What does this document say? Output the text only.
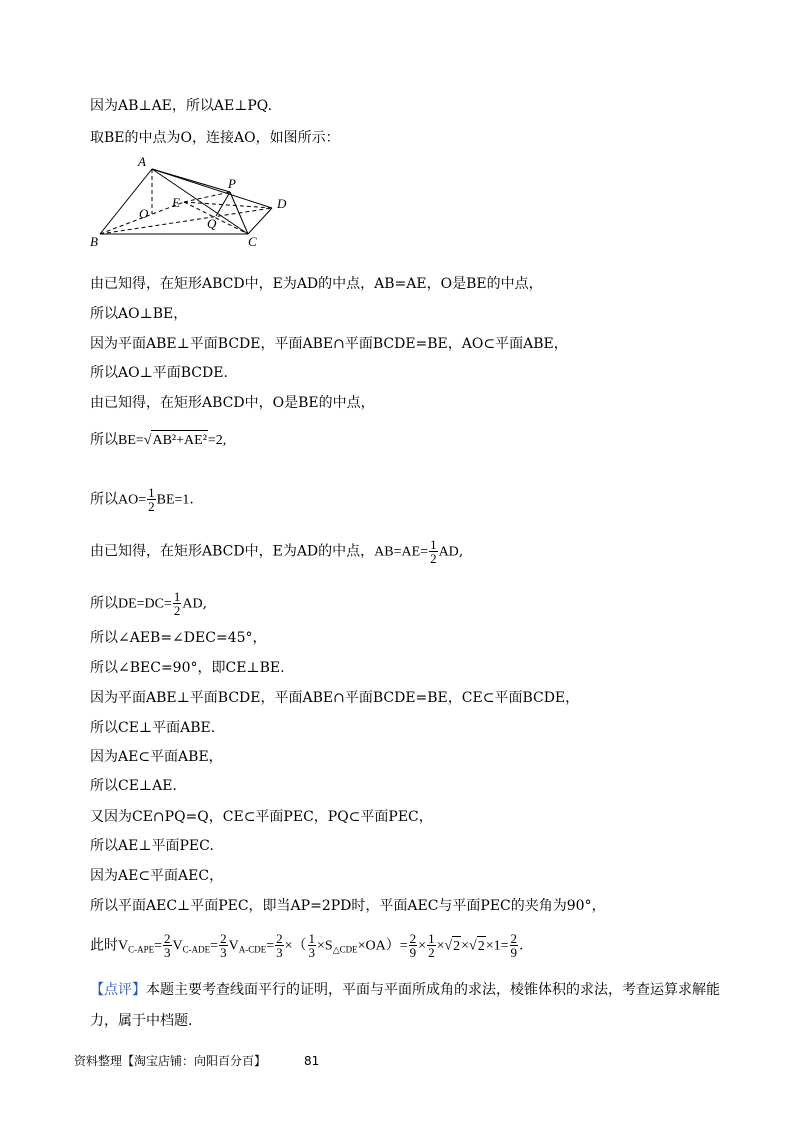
因为AB⊥AE，所以AE⊥PQ.
取BE的中点为O，连接AO，如图所示：
A
P
D
E
O
Q
B	C
由已知得，在矩形ABCD中，E为AD的中点，AB=AE，O是BE的中点，
所以AO⊥BE，
因为平面ABE⊥平面BCDE，平面ABE∩平面BCDE=BE，AO⊂平面ABE，
所以AO⊥平面BCDE.
由已知得，在矩形ABCD中，O是BE的中点，
所以BE=√AB²+AE²=2,
所以$AO= \frac{1}{2} BE=1$.
由已知得，在矩形ABCD中，E为AD的中点，$AB=AE= \frac{1}{2}$ AD,
所以$DE=DC= \frac{1}{2}$ AD,
所以∠AEB=∠DEC=45°，
所以∠BEC=90°，即CE⊥BE.
因为平面ABE⊥平面BCDE，平面ABE∩平面BCDE=BE，CE⊂平面BCDE，
所以CE⊥平面ABE.
因为AE⊂平面ABE，
所以CE⊥AE.
又因为CE∩PQ=Q，CE⊂平面PEC，PQ⊂平面PEC，
所以AE⊥平面PEC.
因为AE⊂平面AEC，
所以平面AEC⊥平面PEC，即当AP=2PD时，平面AEC与平面PEC的夹角为90°，
此时$V_{C-APE}= \frac{2}{3} V_{C-ADE}= \frac{2}{3} V_{A-CDE}= \frac{2}{3}$ ×（ $\frac{1}{3} \times S_{\triangle CDE}\times OA)= \frac{2}{9} \times \frac{1}{2} \times√2\times√2\times 1= \frac{2}{9}$ .
【点评】本题主要考查线面平行的证明，平面与平面所成角的求法，棱锥体积的求法，考查运算求解能
力，属于中档题.
资料整理【淘宝店铺：向阳百分百】	81
